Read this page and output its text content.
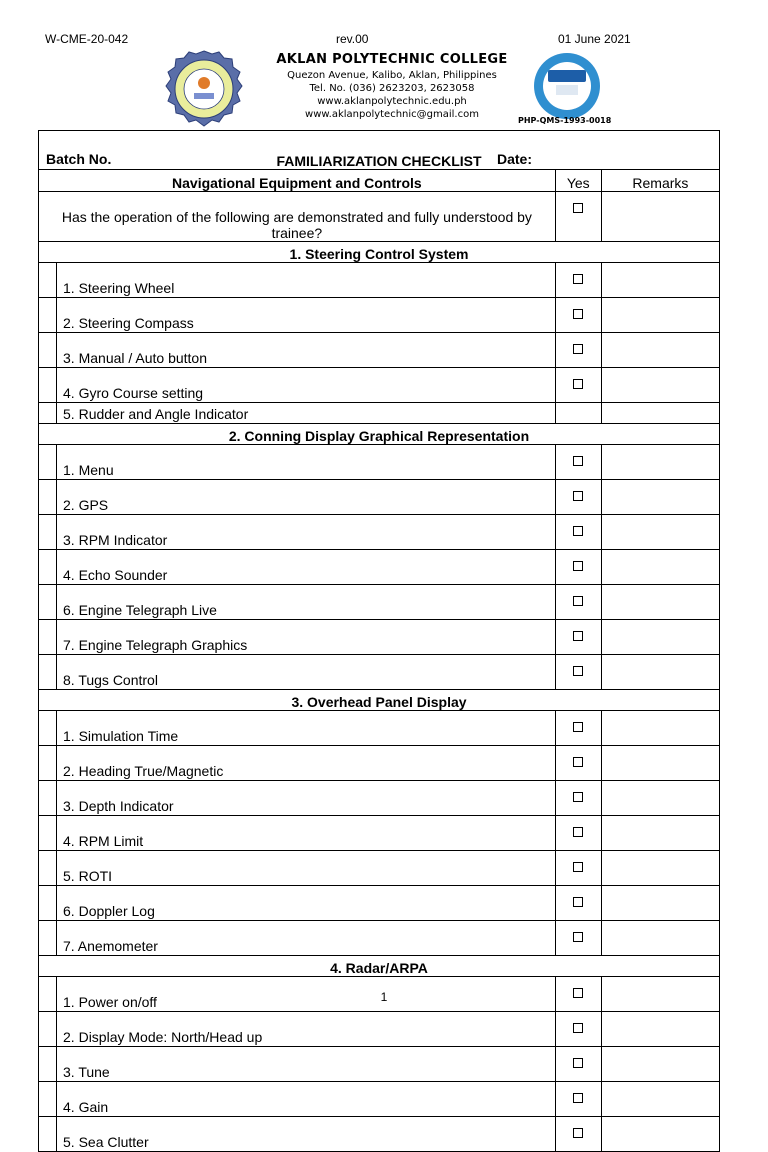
W-CME-20-042	rev.00	01 June 2021
AKLAN POLYTECHNIC COLLEGE
Quezon Avenue, Kalibo, Aklan, Philippines
Tel. No. (036) 2623203, 2623058
www.aklanpolytechnic.edu.ph
www.aklanpolytechnic@gmail.com
PHP-QMS-1993-0018
FAMILIARIZATION CHECKLIST
Batch No. Date:			

Navigational Equipment and Controls		Yes	Remarks
Has the operation of the following are demonstrated and fully understood by trainee?			
1. Steering Control System			
	1. Steering Wheel		
	2. Steering Compass		
	3. Manual / Auto button		
	4. Gyro Course setting		
	5. Rudder and Angle Indicator		
2. Conning Display Graphical Representation			
	1. Menu		
	2. GPS		
	3. RPM Indicator		
	4. Echo Sounder		
	6. Engine Telegraph Live		
	7. Engine Telegraph Graphics		
	8. Tugs Control		
3. Overhead Panel Display			
	1. Simulation Time		
	2. Heading True/Magnetic		
	3. Depth Indicator		
	4. RPM Limit		
	5. ROTI		
	6. Doppler Log		
	7. Anemometer		
4. Radar/ARPA			
	1. Power on/off		
	2. Display Mode: North/Head up		
	3. Tune		
	4. Gain		
	5. Sea Clutter		
1
